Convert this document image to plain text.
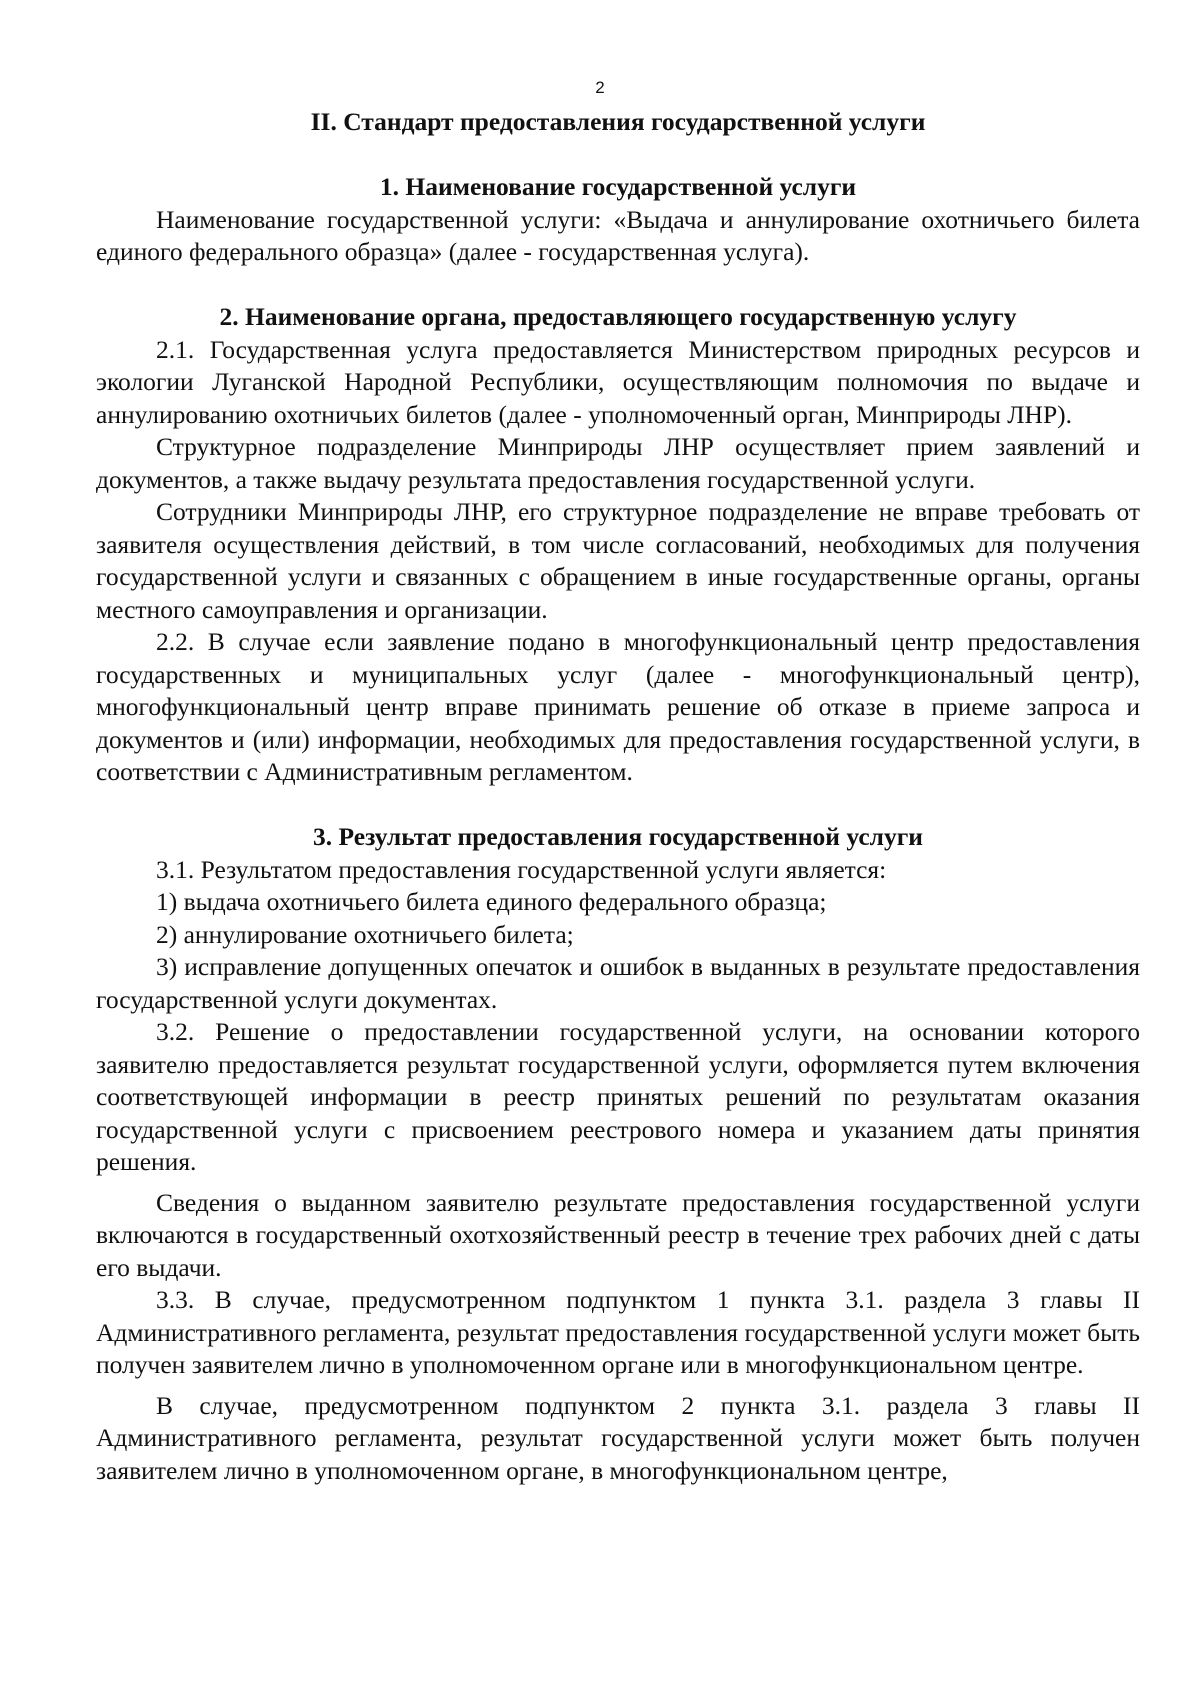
2

II. Стандарт предоставления государственной услуги

1. Наименование государственной услуги

Наименование государственной услуги: «Выдача и аннулирование охотничьего билета единого федерального образца» (далее - государственная услуга).

2. Наименование органа, предоставляющего государственную услугу

2.1. Государственная услуга предоставляется Министерством природных ресурсов и экологии Луганской Народной Республики, осуществляющим полномочия по выдаче и аннулированию охотничьих билетов (далее - уполномоченный орган, Минприроды ЛНР).

Структурное подразделение Минприроды ЛНР осуществляет прием заявлений и документов, а также выдачу результата предоставления государственной услуги.

Сотрудники Минприроды ЛНР, его структурное подразделение не вправе требовать от заявителя осуществления действий, в том числе согласований, необходимых для получения государственной услуги и связанных с обращением в иные государственные органы, органы местного самоуправления и организации.

2.2. В случае если заявление подано в многофункциональный центр предоставления государственных и муниципальных услуг (далее - многофункциональный центр), многофункциональный центр вправе принимать решение об отказе в приеме запроса и документов и (или) информации, необходимых для предоставления государственной услуги, в соответствии с Административным регламентом.

3. Результат предоставления государственной услуги

3.1. Результатом предоставления государственной услуги является:

1) выдача охотничьего билета единого федерального образца;

2) аннулирование охотничьего билета;

3) исправление допущенных опечаток и ошибок в выданных в результате предоставления государственной услуги документах.

3.2. Решение о предоставлении государственной услуги, на основании которого заявителю предоставляется результат государственной услуги, оформляется путем включения соответствующей информации в реестр принятых решений по результатам оказания государственной услуги с присвоением реестрового номера и указанием даты принятия решения.

Сведения о выданном заявителю результате предоставления государственной услуги включаются в государственный охотхозяйственный реестр в течение трех рабочих дней с даты его выдачи.

3.3. В случае, предусмотренном подпунктом 1 пункта 3.1. раздела 3 главы II Административного регламента, результат предоставления государственной услуги может быть получен заявителем лично в уполномоченном органе или в многофункциональном центре.

В случае, предусмотренном подпунктом 2 пункта 3.1. раздела 3 главы II Административного регламента, результат государственной услуги может быть получен заявителем лично в уполномоченном органе, в многофункциональном центре,
